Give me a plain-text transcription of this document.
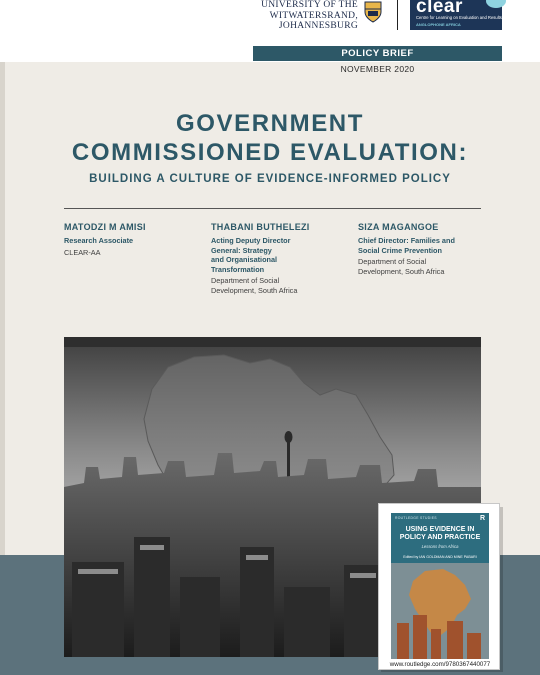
UNIVERSITY OF THE
WITWATERSRAND,
JOHANNESBURG
clear
Centre for Learning on Evaluation and Results
ANGLOPHONE AFRICA
POLICY BRIEF
NOVEMBER 2020
GOVERNMENT
COMMISSIONED EVALUATION:
BUILDING A CULTURE OF EVIDENCE-INFORMED POLICY
MATODZI M AMISI
Research Associate
CLEAR-AA
THABANI BUTHELEZI
Acting Deputy Director
General: Strategy
and Organisational
Transformation
Department of Social
Development, South Africa
SIZA MAGANGOE
Chief Director: Families and
Social Crime Prevention
Department of Social
Development, South Africa
ROUTLEDGE STUDIES	R
USING EVIDENCE IN POLICY AND PRACTICE
Lessons from Africa
Edited by IAN GOLDMAN AND MINE PABARI
www.routledge.com/9780367440077
